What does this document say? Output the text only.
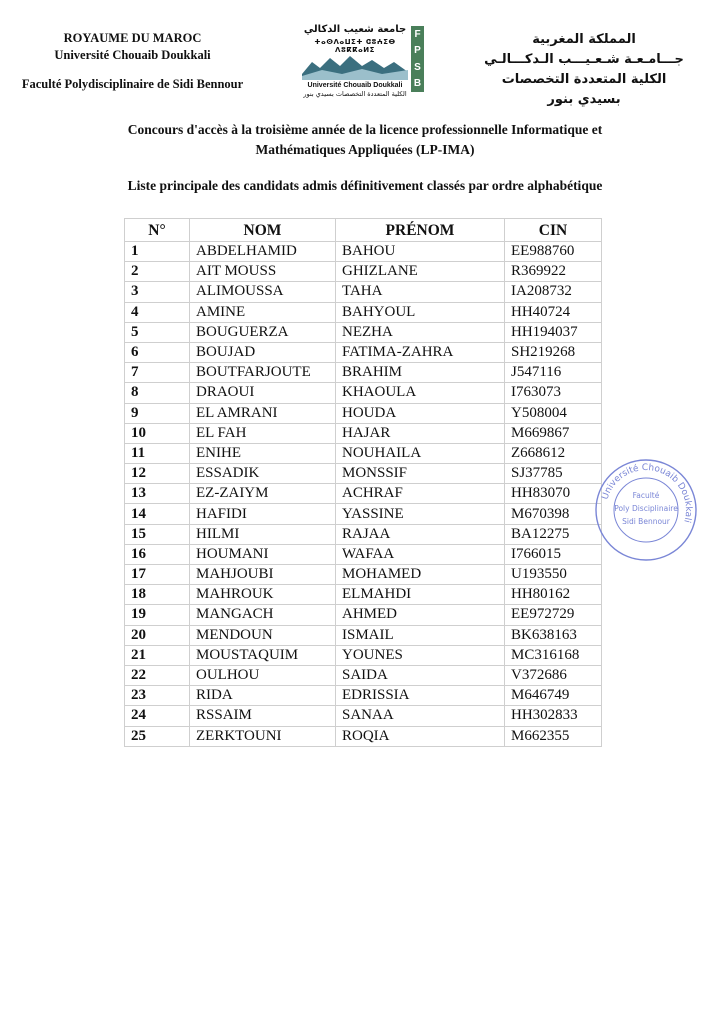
ROYAUME DU MAROC
Université Chouaib Doukkali
Faculté Polydisciplinaire de Sidi Bennour
جامعة شعيب الدكالي
ⵜⴰⵙⴷⴰⵡⵉⵜ ⵛⵓⵄⵉⴱ ⴷⵓⴽⴽⴰⵍⵉ
Université Chouaib Doukkali
الكلية المتعددة التخصصات بسيدي بنور
F
P
S
B
المملكة المغربية
جـــامـعـة شـعـيـــب الـدكـــالـي
الكلية المتعددة التخصصات بسيدي بنور
Concours d'accès à la troisième année de la licence professionnelle Informatique et
Mathématiques Appliquées (LP-IMA)
Liste principale des candidats admis définitivement classés par ordre alphabétique
N°	NOM	PRÉNOM	CIN
1	ABDELHAMID	BAHOU	EE988760
2	AIT MOUSS	GHIZLANE	R369922
3	ALIMOUSSA	TAHA	IA208732
4	AMINE	BAHYOUL	HH40724
5	BOUGUERZA	NEZHA	HH194037
6	BOUJAD	FATIMA-ZAHRA	SH219268
7	BOUTFARJOUTE	BRAHIM	J547116
8	DRAOUI	KHAOULA	I763073
9	EL AMRANI	HOUDA	Y508004
10	EL FAH	HAJAR	M669867
11	ENIHE	NOUHAILA	Z668612
12	ESSADIK	MONSSIF	SJ37785
13	EZ-ZAIYM	ACHRAF	HH83070
14	HAFIDI	YASSINE	M670398
15	HILMI	RAJAA	BA12275
16	HOUMANI	WAFAA	I766015
17	MAHJOUBI	MOHAMED	U193550
18	MAHROUK	ELMAHDI	HH80162
19	MANGACH	AHMED	EE972729
20	MENDOUN	ISMAIL	BK638163
21	MOUSTAQUIM	YOUNES	MC316168
22	OULHOU	SAIDA	V372686
23	RIDA	EDRISSIA	M646749
24	RSSAIM	SANAA	HH302833
25	ZERKTOUNI	ROQIA	M662355
Université Chouaib Doukkali
Faculté
Poly Disciplinaire
Sidi Bennour
